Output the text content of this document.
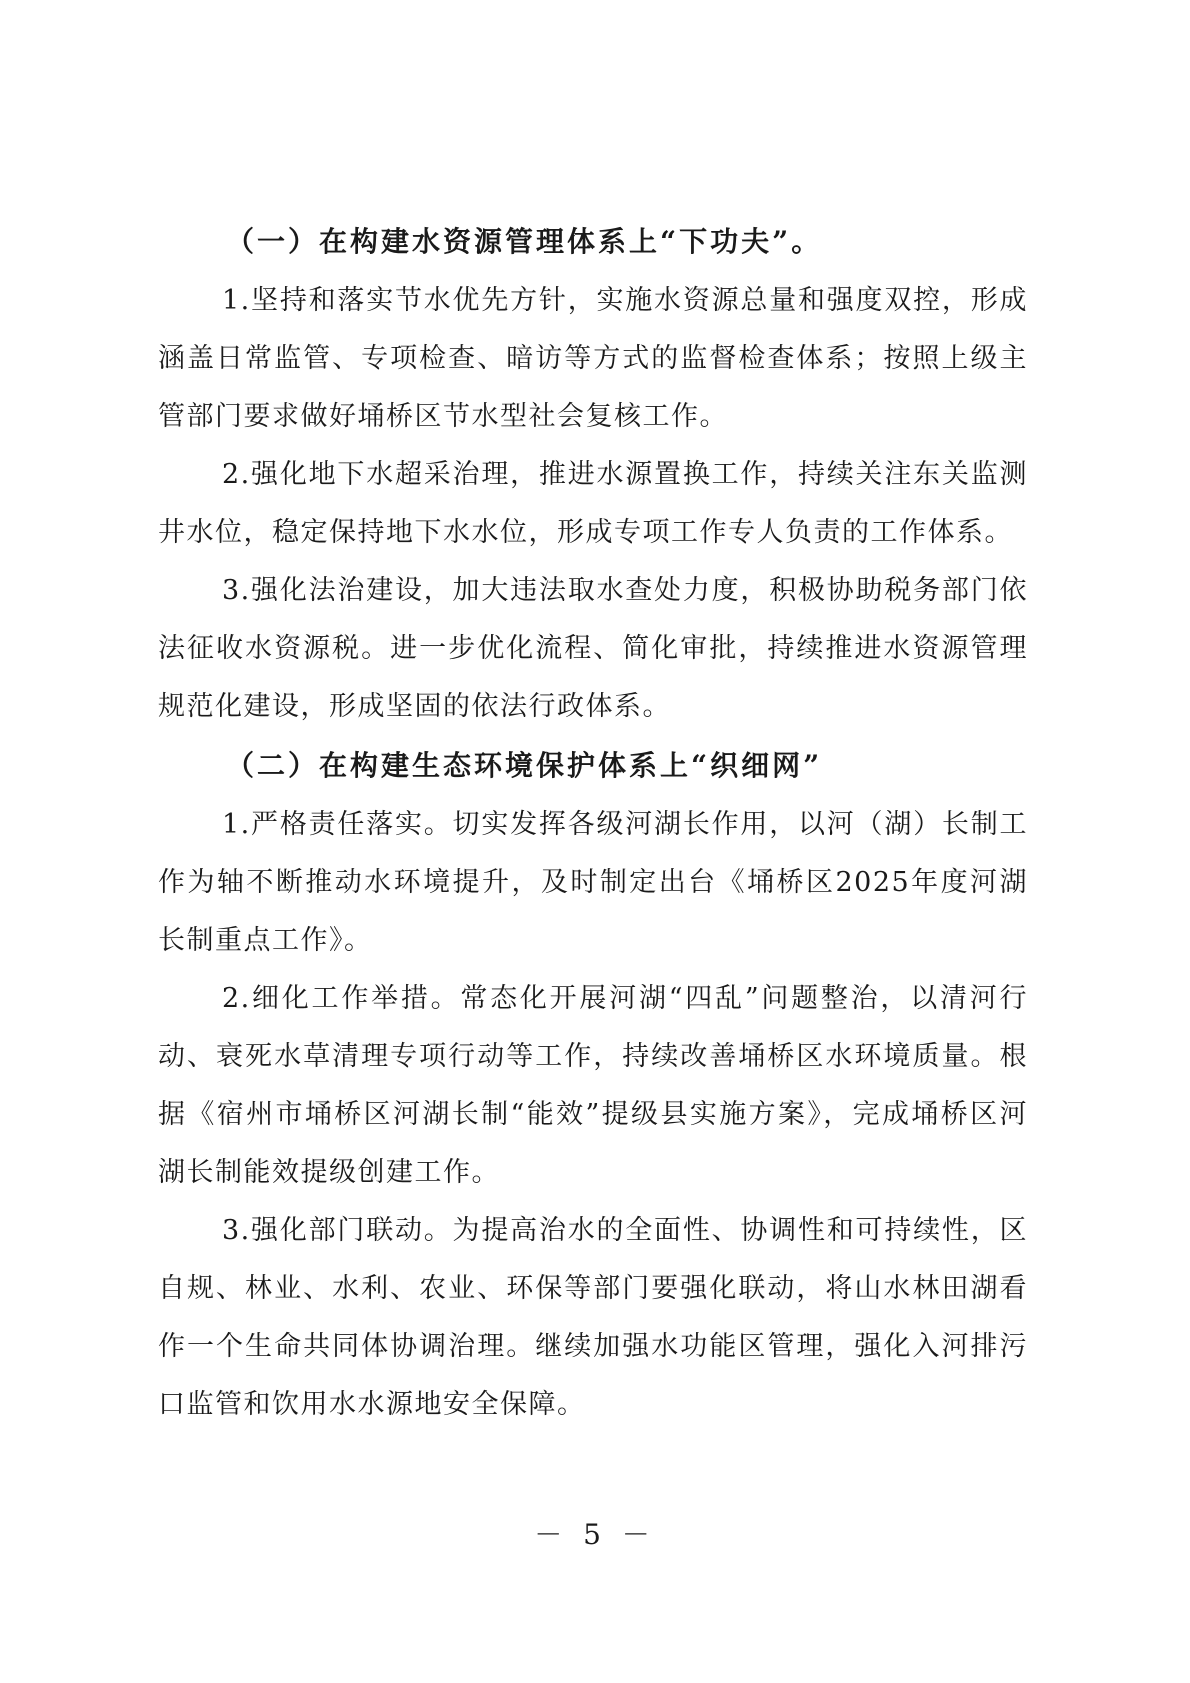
（一）在构建水资源管理体系上“下功夫”。

1.坚持和落实节水优先方针，实施水资源总量和强度双控，形成涵盖日常监管、专项检查、暗访等方式的监督检查体系；按照上级主管部门要求做好埇桥区节水型社会复核工作。

2.强化地下水超采治理，推进水源置换工作，持续关注东关监测井水位，稳定保持地下水水位，形成专项工作专人负责的工作体系。

3.强化法治建设，加大违法取水查处力度，积极协助税务部门依法征收水资源税。进一步优化流程、简化审批，持续推进水资源管理规范化建设，形成坚固的依法行政体系。

（二）在构建生态环境保护体系上“织细网”

1.严格责任落实。切实发挥各级河湖长作用，以河（湖）长制工作为轴不断推动水环境提升，及时制定出台《埇桥区2025年度河湖长制重点工作》。

2.细化工作举措。常态化开展河湖“四乱”问题整治，以清河行动、衰死水草清理专项行动等工作，持续改善埇桥区水环境质量。根据《宿州市埇桥区河湖长制“能效”提级县实施方案》，完成埇桥区河湖长制能效提级创建工作。

3.强化部门联动。为提高治水的全面性、协调性和可持续性，区自规、林业、水利、农业、环保等部门要强化联动，将山水林田湖看作一个生命共同体协调治理。继续加强水功能区管理，强化入河排污口监管和饮用水水源地安全保障。

－ 5 －
